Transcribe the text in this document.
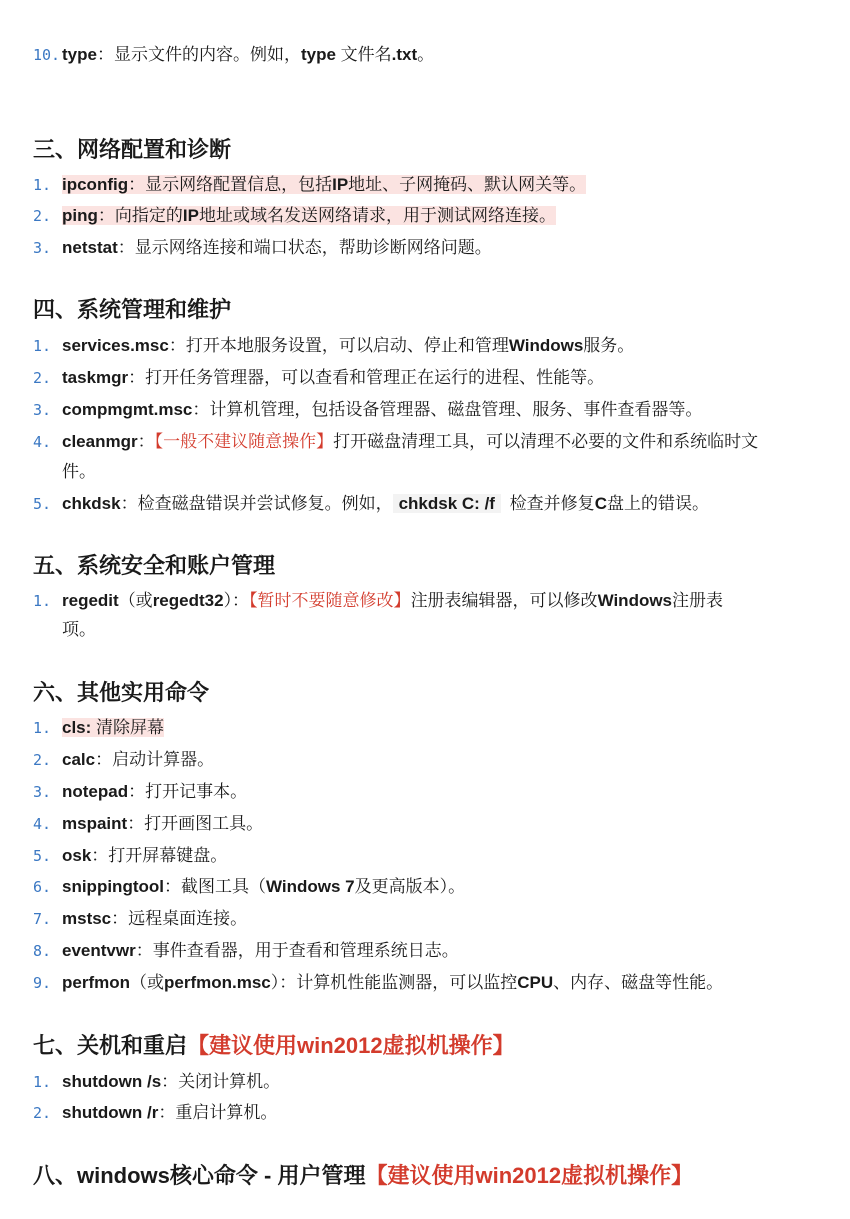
10. type：显示文件的内容。例如，type 文件名.txt。
三、网络配置和诊断
1. ipconfig：显示网络配置信息，包括IP地址、子网掩码、默认网关等。
2. ping：向指定的IP地址或域名发送网络请求，用于测试网络连接。
3. netstat：显示网络连接和端口状态，帮助诊断网络问题。
四、系统管理和维护
1. services.msc：打开本地服务设置，可以启动、停止和管理Windows服务。
2. taskmgr：打开任务管理器，可以查看和管理正在运行的进程、性能等。
3. compmgmt.msc：计算机管理，包括设备管理器、磁盘管理、服务、事件查看器等。
4. cleanmgr：【一般不建议随意操作】打开磁盘清理工具，可以清理不必要的文件和系统临时文
件。
5. chkdsk：检查磁盘错误并尝试修复。例如， chkdsk C: /f 检查并修复C盘上的错误。
五、系统安全和账户管理
1. regedit（或regedt32）：【暂时不要随意修改】注册表编辑器，可以修改Windows注册表
项。
六、其他实用命令
1. cls: 清除屏幕
2. calc：启动计算器。
3. notepad：打开记事本。
4. mspaint：打开画图工具。
5. osk：打开屏幕键盘。
6. snippingtool：截图工具（Windows 7及更高版本）。
7. mstsc：远程桌面连接。
8. eventvwr：事件查看器，用于查看和管理系统日志。
9. perfmon（或perfmon.msc）：计算机性能监测器，可以监控CPU、内存、磁盘等性能。
七、关机和重启【建议使用win2012虚拟机操作】
1. shutdown /s：关闭计算机。
2. shutdown /r：重启计算机。
八、windows核心命令 - 用户管理【建议使用win2012虚拟机操作】
